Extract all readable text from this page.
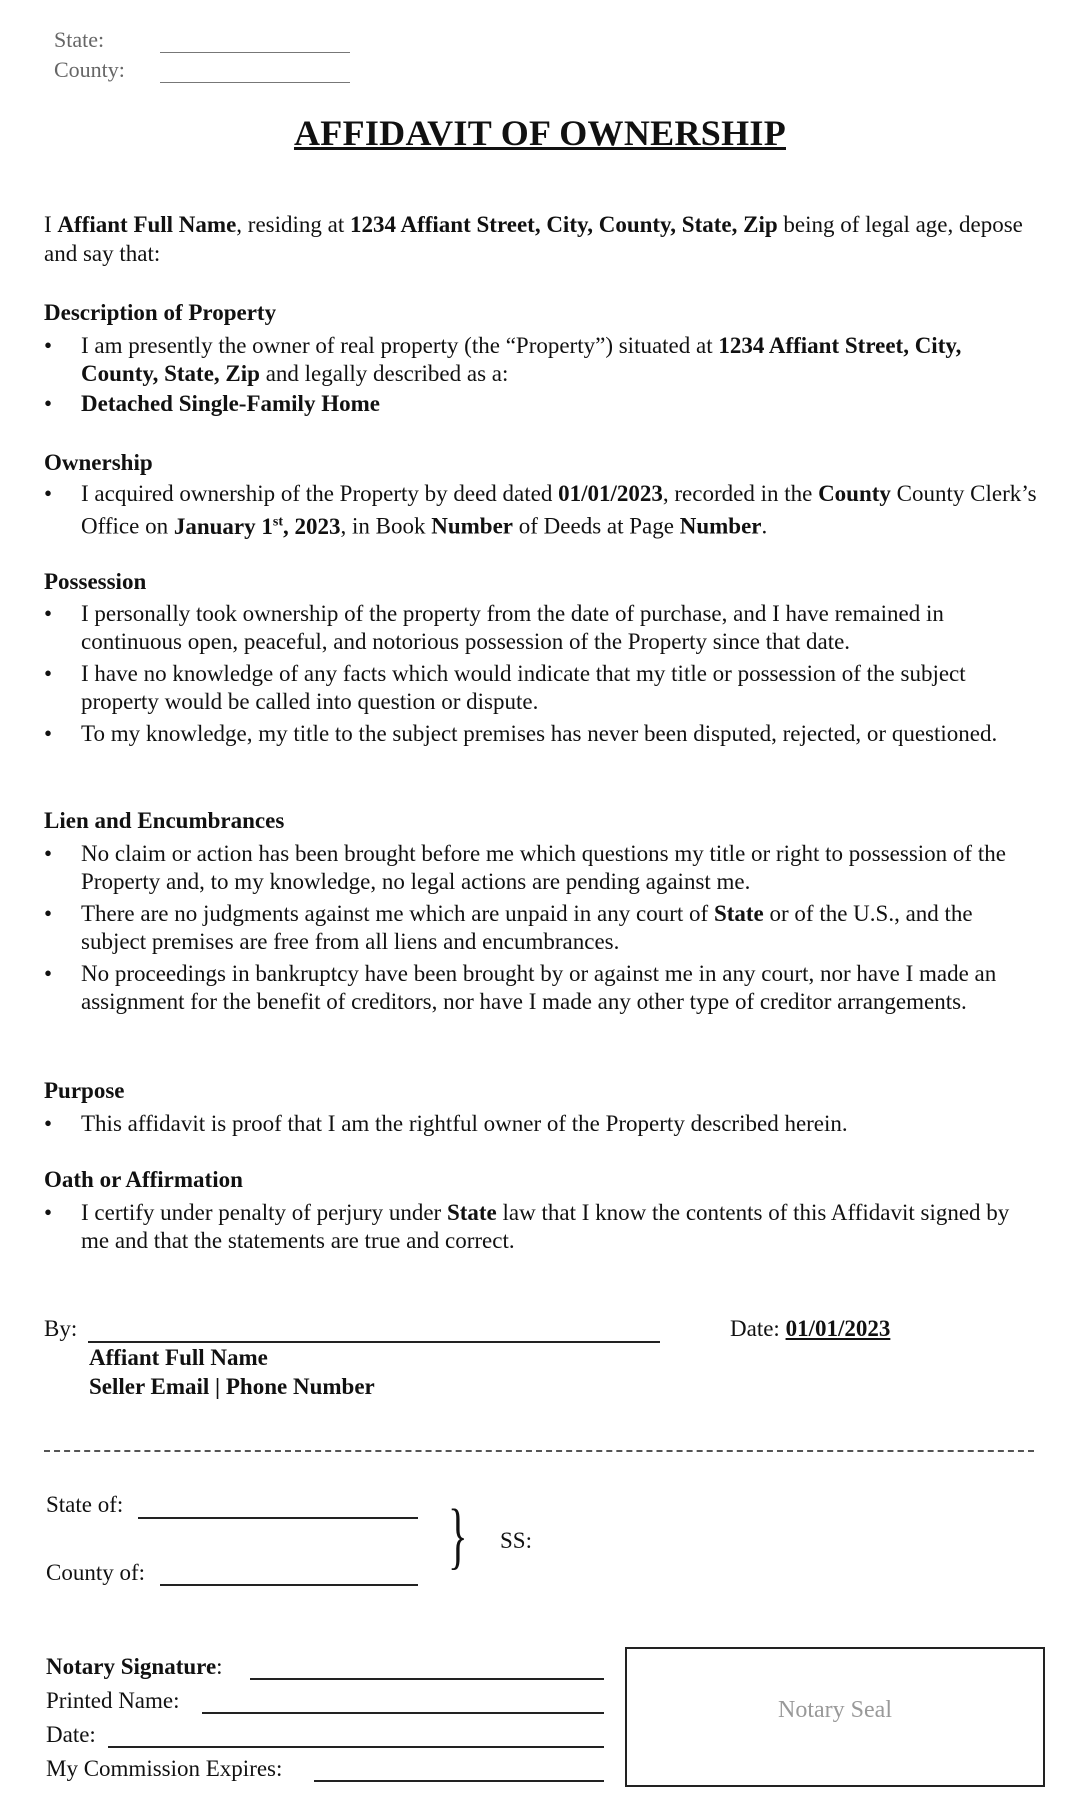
State:
County:
AFFIDAVIT OF OWNERSHIP
I Affiant Full Name, residing at 1234 Affiant Street, City, County, State, Zip being of legal age, depose and say that:
Description of Property
• I am presently the owner of real property (the “Property”) situated at 1234 Affiant Street, City, County, State, Zip and legally described as a:
• Detached Single-Family Home
Ownership
• I acquired ownership of the Property by deed dated 01/01/2023, recorded in the County County Clerk’s Office on January 1st, 2023, in Book Number of Deeds at Page Number.
Possession
• I personally took ownership of the property from the date of purchase, and I have remained in continuous open, peaceful, and notorious possession of the Property since that date.
• I have no knowledge of any facts which would indicate that my title or possession of the subject property would be called into question or dispute.
• To my knowledge, my title to the subject premises has never been disputed, rejected, or questioned.
Lien and Encumbrances
• No claim or action has been brought before me which questions my title or right to possession of the Property and, to my knowledge, no legal actions are pending against me.
• There are no judgments against me which are unpaid in any court of State or of the U.S., and the subject premises are free from all liens and encumbrances.
• No proceedings in bankruptcy have been brought by or against me in any court, nor have I made an assignment for the benefit of creditors, nor have I made any other type of creditor arrangements.
Purpose
• This affidavit is proof that I am the rightful owner of the Property described herein.
Oath or Affirmation
• I certify under penalty of perjury under State law that I know the contents of this Affidavit signed by me and that the statements are true and correct.
By:	Date: 01/01/2023
Affiant Full Name
Seller Email | Phone Number
State of:
County of:	} SS:
Notary Signature:
Printed Name:
Date:
My Commission Expires:
Notary Seal
